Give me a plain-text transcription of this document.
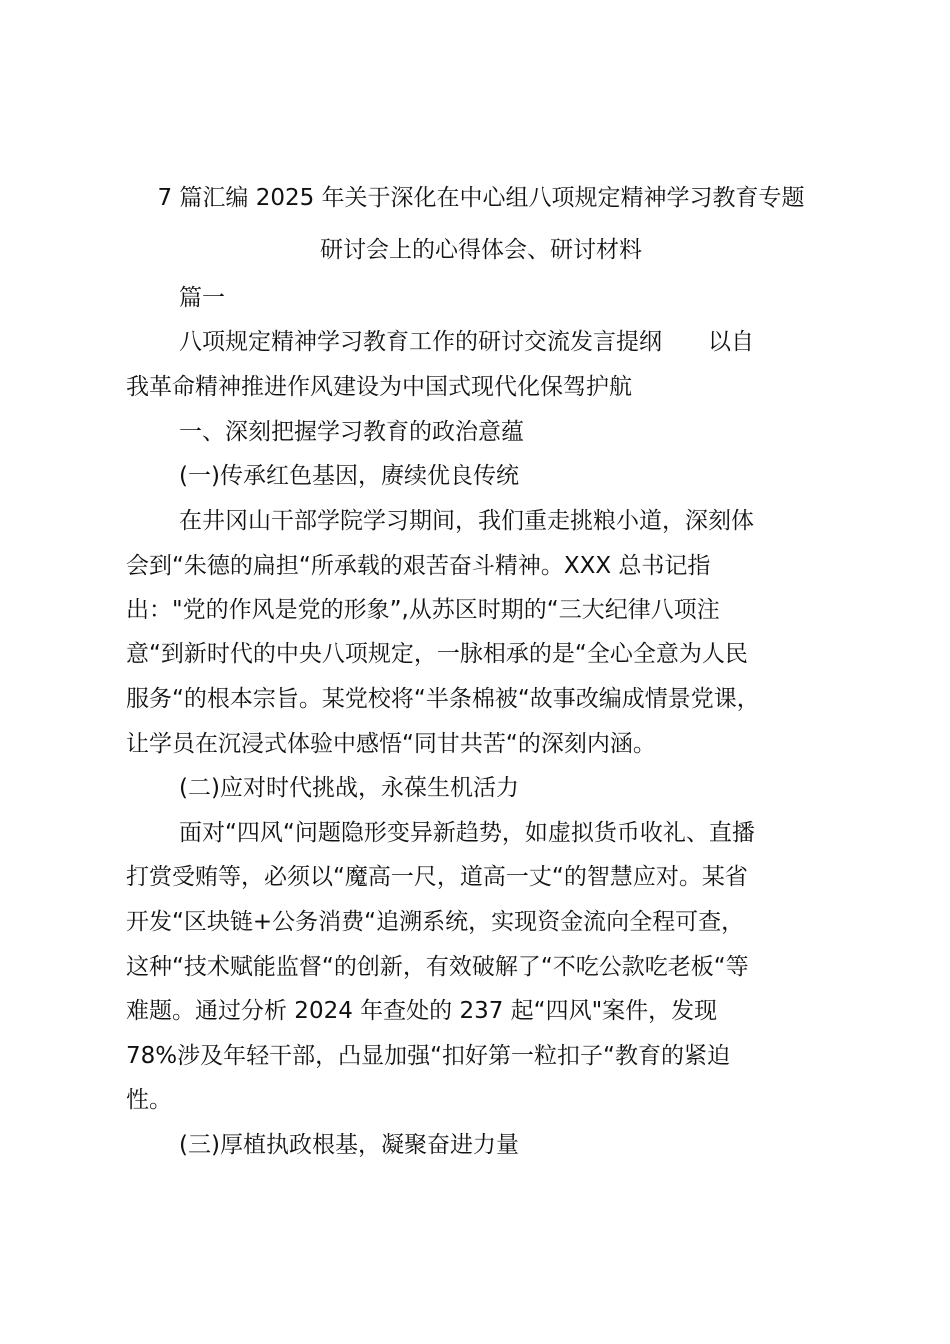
7 篇汇编 2025 年关于深化在中心组八项规定精神学习教育专题
研讨会上的心得体会、研讨材料
篇一
八项规定精神学习教育工作的研讨交流发言提纲　　以自
我革命精神推进作风建设为中国式现代化保驾护航
一、深刻把握学习教育的政治意蕴
(一)传承红色基因，赓续优良传统
在井冈山干部学院学习期间，我们重走挑粮小道，深刻体
会到“朱德的扁担“所承载的艰苦奋斗精神。XXX 总书记指
出："党的作风是党的形象”,从苏区时期的“三大纪律八项注
意“到新时代的中央八项规定，一脉相承的是“全心全意为人民
服务“的根本宗旨。某党校将“半条棉被“故事改编成情景党课，
让学员在沉浸式体验中感悟“同甘共苦“的深刻内涵。
(二)应对时代挑战，永葆生机活力
面对“四风“问题隐形变异新趋势，如虚拟货币收礼、直播
打赏受贿等，必须以“魔高一尺，道高一丈“的智慧应对。某省
开发“区块链+公务消费“追溯系统，实现资金流向全程可查，
这种“技术赋能监督“的创新，有效破解了“不吃公款吃老板“等
难题。通过分析 2024 年查处的 237 起“四风"案件，发现
78%涉及年轻干部，凸显加强“扣好第一粒扣子“教育的紧迫
性。
(三)厚植执政根基，凝聚奋进力量
